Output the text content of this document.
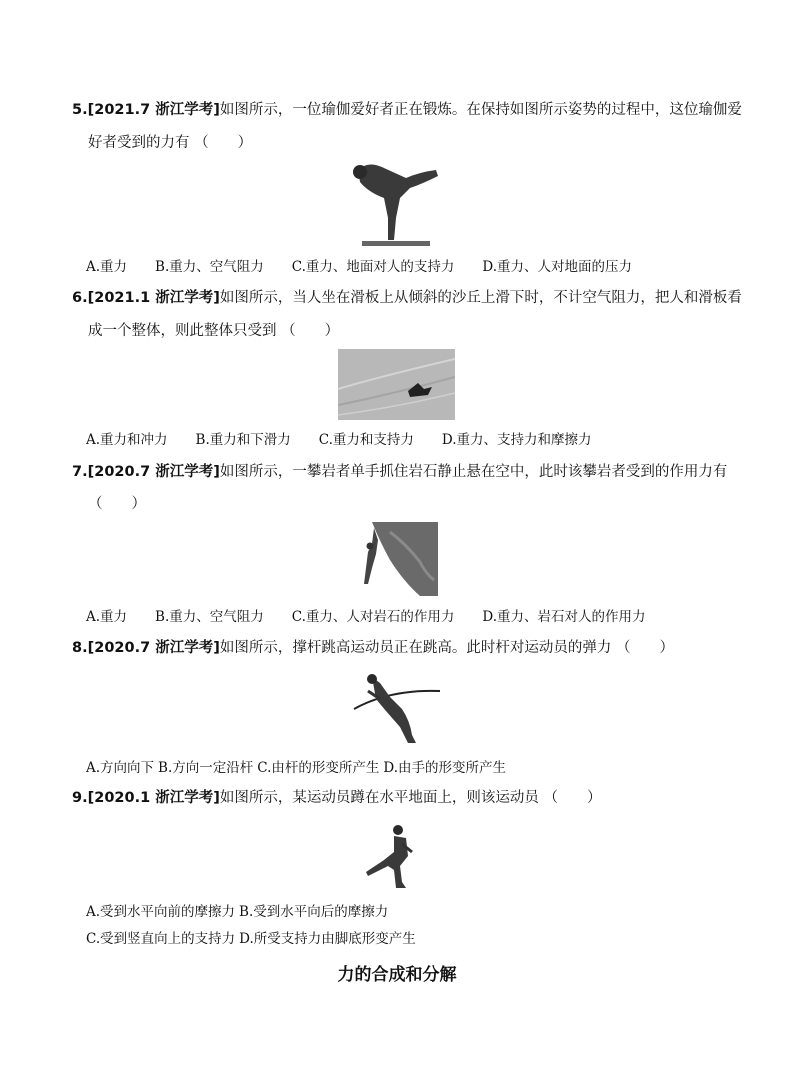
5.[2021.7 浙江学考]如图所示，一位瑜伽爱好者正在锻炼。在保持如图所示姿势的过程中，这位瑜伽爱
好者受到的力有 （　　）
A.重力 B.重力、空气阻力 C.重力、地面对人的支持力 D.重力、人对地面的压力
6.[2021.1 浙江学考]如图所示，当人坐在滑板上从倾斜的沙丘上滑下时，不计空气阻力，把人和滑板看
成一个整体，则此整体只受到 （　　）
A.重力和冲力 B.重力和下滑力 C.重力和支持力 D.重力、支持力和摩擦力
7.[2020.7 浙江学考]如图所示，一攀岩者单手抓住岩石静止悬在空中，此时该攀岩者受到的作用力有
（　　）
A.重力 B.重力、空气阻力 C.重力、人对岩石的作用力 D.重力、岩石对人的作用力
8.[2020.7 浙江学考]如图所示，撑杆跳高运动员正在跳高。此时杆对运动员的弹力 （　　）
A.方向向下 B.方向一定沿杆 C.由杆的形变所产生 D.由手的形变所产生
9.[2020.1 浙江学考]如图所示，某运动员蹲在水平地面上，则该运动员 （　　）
A.受到水平向前的摩擦力 B.受到水平向后的摩擦力
C.受到竖直向上的支持力 D.所受支持力由脚底形变产生
力的合成和分解
